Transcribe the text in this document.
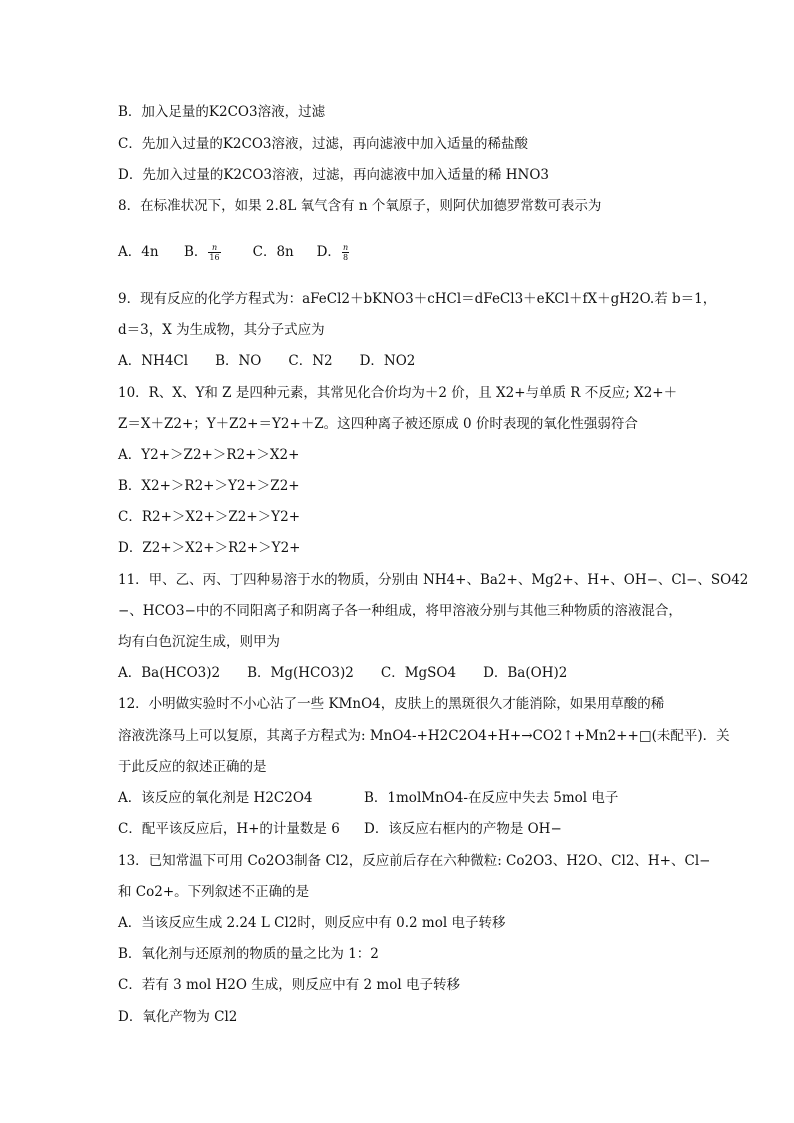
B．加入足量的K2CO3溶液，过滤
C．先加入过量的K2CO3溶液，过滤，再向滤液中加入适量的稀盐酸
D．先加入过量的K2CO3溶液，过滤，再向滤液中加入适量的稀 HNO3
8．在标准状况下，如果 2.8L 氧气含有 n 个氧原子，则阿伏加德罗常数可表示为
A．4n B． $\frac{n}{16}$ C．8n D． $\frac{n}{8}$
9．现有反应的化学方程式为：aFeCl2＋bKNO3＋cHCl＝dFeCl3＋eKCl＋fX＋gH2O.若 b＝1，
d＝3，X 为生成物，其分子式应为
A．NH4Cl　　B．NO　　C．N2　　D．NO2
10．R、X、Y和 Z 是四种元素，其常见化合价均为＋2 价，且 X2+与单质 R 不反应; X2+＋
Z＝X＋Z2+；Y＋Z2+＝Y2+＋Z。这四种离子被还原成 0 价时表现的氧化性强弱符合
A．Y2+＞Z2+＞R2+＞X2+
B．X2+＞R2+＞Y2+＞Z2+
C．R2+＞X2+＞Z2+＞Y2+
D．Z2+＞X2+＞R2+＞Y2+
11．甲、乙、丙、丁四种易溶于水的物质，分别由 NH4+、Ba2+、Mg2+、H+、OH−、Cl−、SO42
−、HCO3−中的不同阳离子和阴离子各一种组成，将甲溶液分别与其他三种物质的溶液混合，
均有白色沉淀生成，则甲为
A．Ba(HCO3)2　　B．Mg(HCO3)2　　C．MgSO4　　D．Ba(OH)2
12．小明做实验时不小心沾了一些 KMnO4，皮肤上的黑斑很久才能消除，如果用草酸的稀
溶液洗涤马上可以复原，其离子方程式为: MnO4-+H2C2O4+H+→CO2↑+Mn2++□(未配平)．关
于此反应的叙述正确的是
A．该反应的氧化剂是 H2C2O4	B．1molMnO4-在反应中失去 5mol 电子
C．配平该反应后，H+的计量数是 6 D．该反应右框内的产物是 OH−
13．已知常温下可用 Co2O3制备 Cl2，反应前后存在六种微粒: Co2O3、H2O、Cl2、H+、Cl−
和 Co2+。下列叙述不正确的是
A．当该反应生成 2.24 L Cl2时，则反应中有 0.2 mol 电子转移
B．氧化剂与还原剂的物质的量之比为 1：2
C．若有 3 mol H2O 生成，则反应中有 2 mol 电子转移
D．氧化产物为 Cl2
